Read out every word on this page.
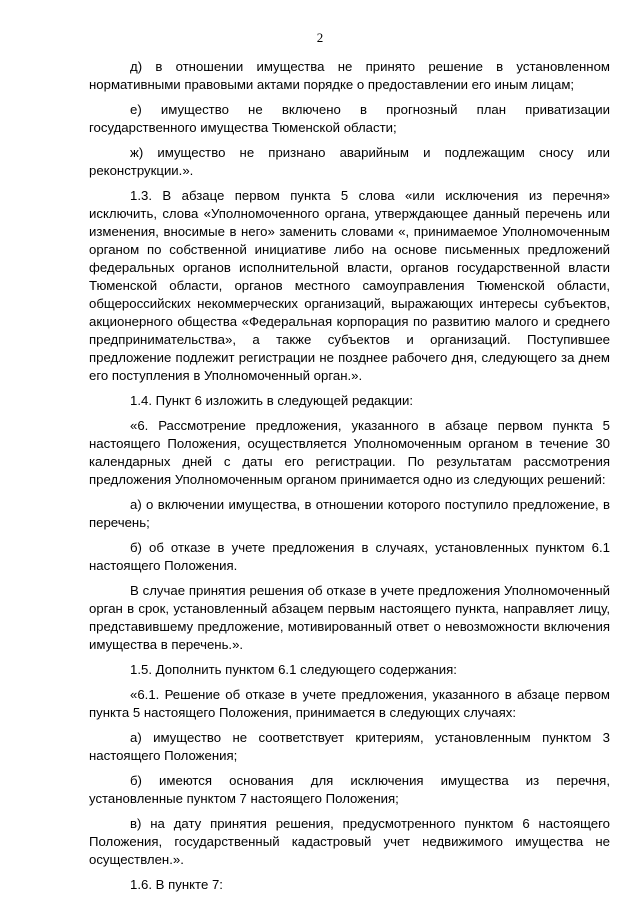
2

д) в отношении имущества не принято решение в установленном нормативными правовыми актами порядке о предоставлении его иным лицам;

е) имущество не включено в прогнозный план приватизации государственного имущества Тюменской области;

ж) имущество не признано аварийным и подлежащим сносу или реконструкции.».

1.3. В абзаце первом пункта 5 слова «или исключения из перечня» исключить, слова «Уполномоченного органа, утверждающее данный перечень или изменения, вносимые в него» заменить словами «, принимаемое Уполномоченным органом по собственной инициативе либо на основе письменных предложений федеральных органов исполнительной власти, органов государственной власти Тюменской области, органов местного самоуправления Тюменской области, общероссийских некоммерческих организаций, выражающих интересы субъектов, акционерного общества «Федеральная корпорация по развитию малого и среднего предпринимательства», а также субъектов и организаций. Поступившее предложение подлежит регистрации не позднее рабочего дня, следующего за днем его поступления в Уполномоченный орган.».

1.4. Пункт 6 изложить в следующей редакции:

«6. Рассмотрение предложения, указанного в абзаце первом пункта 5 настоящего Положения, осуществляется Уполномоченным органом в течение 30 календарных дней с даты его регистрации. По результатам рассмотрения предложения Уполномоченным органом принимается одно из следующих решений:

а) о включении имущества, в отношении которого поступило предложение, в перечень;

б) об отказе в учете предложения в случаях, установленных пунктом 6.1 настоящего Положения.

В случае принятия решения об отказе в учете предложения Уполномоченный орган в срок, установленный абзацем первым настоящего пункта, направляет лицу, представившему предложение, мотивированный ответ о невозможности включения имущества в перечень.».

1.5. Дополнить пунктом 6.1 следующего содержания:

«6.1. Решение об отказе в учете предложения, указанного в абзаце первом пункта 5 настоящего Положения, принимается в следующих случаях:

а) имущество не соответствует критериям, установленным пунктом 3 настоящего Положения;

б) имеются основания для исключения имущества из перечня, установленные пунктом 7 настоящего Положения;

в) на дату принятия решения, предусмотренного пунктом 6 настоящего Положения, государственный кадастровый учет недвижимого имущества не осуществлен.».

1.6. В пункте 7:
